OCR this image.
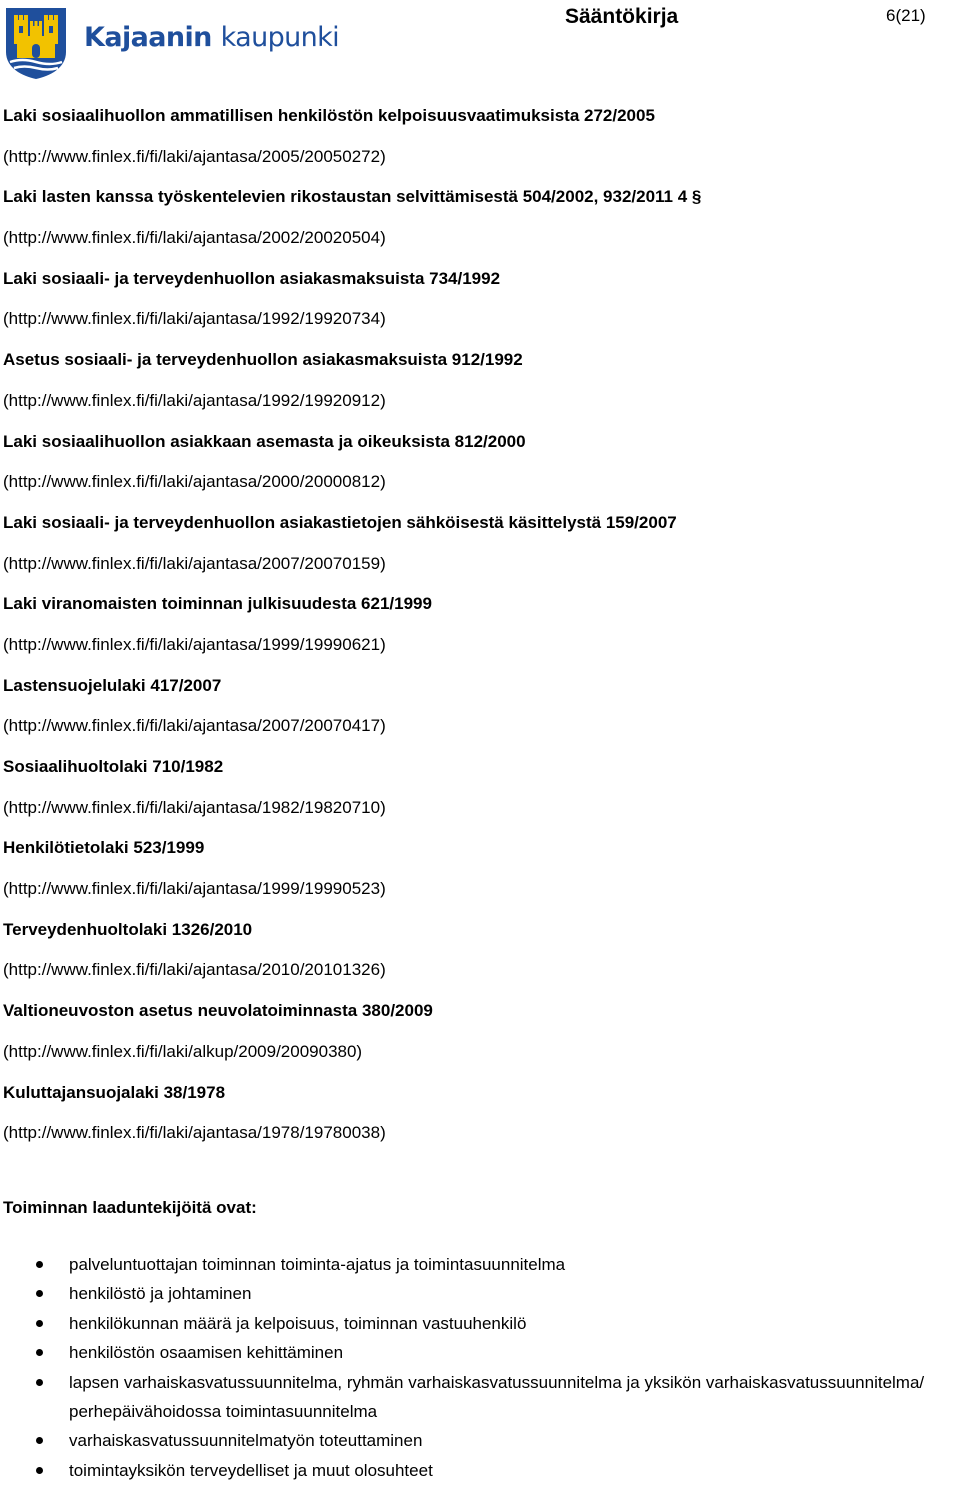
Kajaanin kaupunki
Sääntökirja	6(21)
Laki sosiaalihuollon ammatillisen henkilöstön kelpoisuusvaatimuksista 272/2005
(http://www.finlex.fi/fi/laki/ajantasa/2005/20050272)
Laki lasten kanssa työskentelevien rikostaustan selvittämisestä 504/2002, 932/2011 4 §
(http://www.finlex.fi/fi/laki/ajantasa/2002/20020504)
Laki sosiaali- ja terveydenhuollon asiakasmaksuista 734/1992
(http://www.finlex.fi/fi/laki/ajantasa/1992/19920734)
Asetus sosiaali- ja terveydenhuollon asiakasmaksuista 912/1992
(http://www.finlex.fi/fi/laki/ajantasa/1992/19920912)
Laki sosiaalihuollon asiakkaan asemasta ja oikeuksista 812/2000
(http://www.finlex.fi/fi/laki/ajantasa/2000/20000812)
Laki sosiaali- ja terveydenhuollon asiakastietojen sähköisestä käsittelystä 159/2007
(http://www.finlex.fi/fi/laki/ajantasa/2007/20070159)
Laki viranomaisten toiminnan julkisuudesta 621/1999
(http://www.finlex.fi/fi/laki/ajantasa/1999/19990621)
Lastensuojelulaki 417/2007
(http://www.finlex.fi/fi/laki/ajantasa/2007/20070417)
Sosiaalihuoltolaki 710/1982
(http://www.finlex.fi/fi/laki/ajantasa/1982/19820710)
Henkilötietolaki 523/1999
(http://www.finlex.fi/fi/laki/ajantasa/1999/19990523)
Terveydenhuoltolaki 1326/2010
(http://www.finlex.fi/fi/laki/ajantasa/2010/20101326)
Valtioneuvoston asetus neuvolatoiminnasta 380/2009
(http://www.finlex.fi/fi/laki/alkup/2009/20090380)
Kuluttajansuojalaki 38/1978
(http://www.finlex.fi/fi/laki/ajantasa/1978/19780038)
Toiminnan laaduntekijöitä ovat:
palveluntuottajan toiminnan toiminta-ajatus ja toimintasuunnitelma
henkilöstö ja johtaminen
henkilökunnan määrä ja kelpoisuus, toiminnan vastuuhenkilö
henkilöstön osaamisen kehittäminen
lapsen varhaiskasvatussuunnitelma, ryhmän varhaiskasvatussuunnitelma ja yksikön varhaiskasvatussuunnitelma/ perhepäivähoidossa toimintasuunnitelma
varhaiskasvatussuunnitelmatyön toteuttaminen
toimintayksikön terveydelliset ja muut olosuhteet
